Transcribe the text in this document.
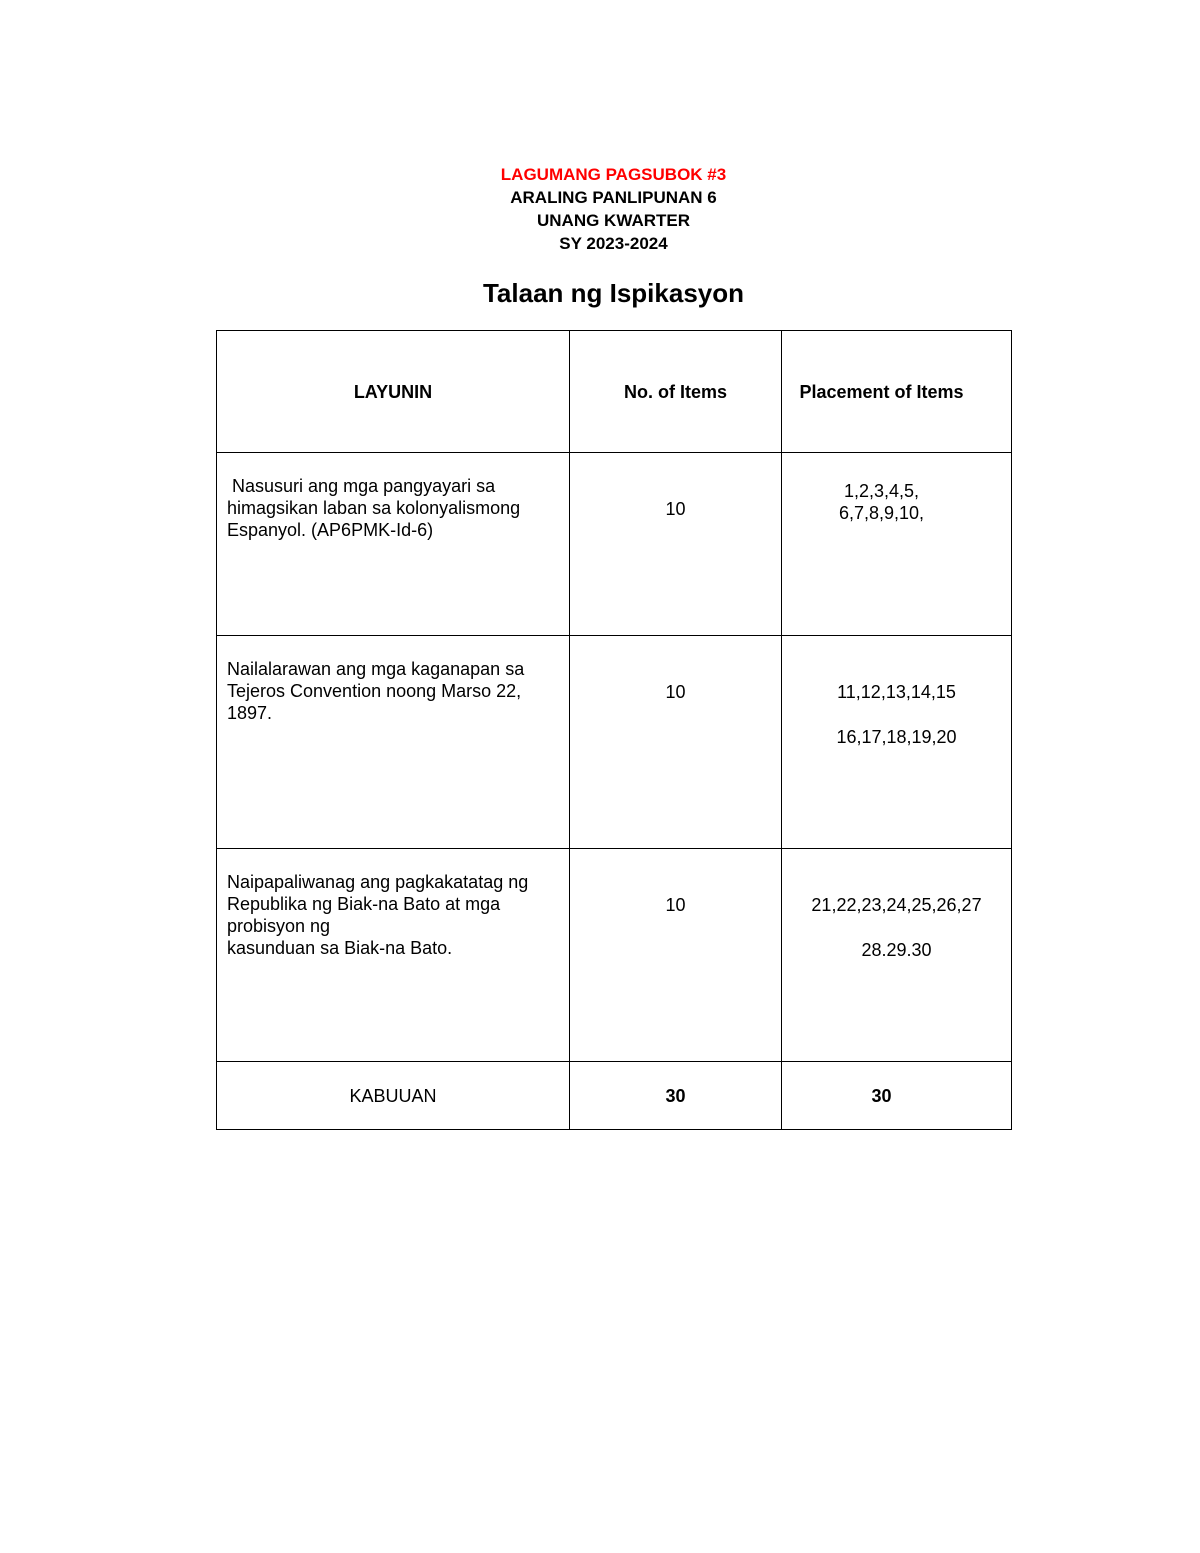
LAGUMANG PAGSUBOK #3
ARALING PANLIPUNAN 6
UNANG KWARTER
SY 2023-2024
Talaan ng Ispikasyon
LAYUNIN	No. of Items	Placement of Items
Nasusuri ang mga pangyayari sa himagsikan laban sa kolonyalismong Espanyol. (AP6PMK-Id-6)	10	1,2,3,4,5,
6,7,8,9,10,

Nailalarawan ang mga kaganapan sa Tejeros Convention noong Marso 22, 1897.	10	11,12,13,14,15
16,17,18,19,20

Naipapaliwanag ang pagkakatatag ng Republika ng Biak-na Bato at mga probisyon ng
kasunduan sa Biak-na Bato.	10	21,22,23,24,25,26,27
28.29.30

KABUUAN	30	30
